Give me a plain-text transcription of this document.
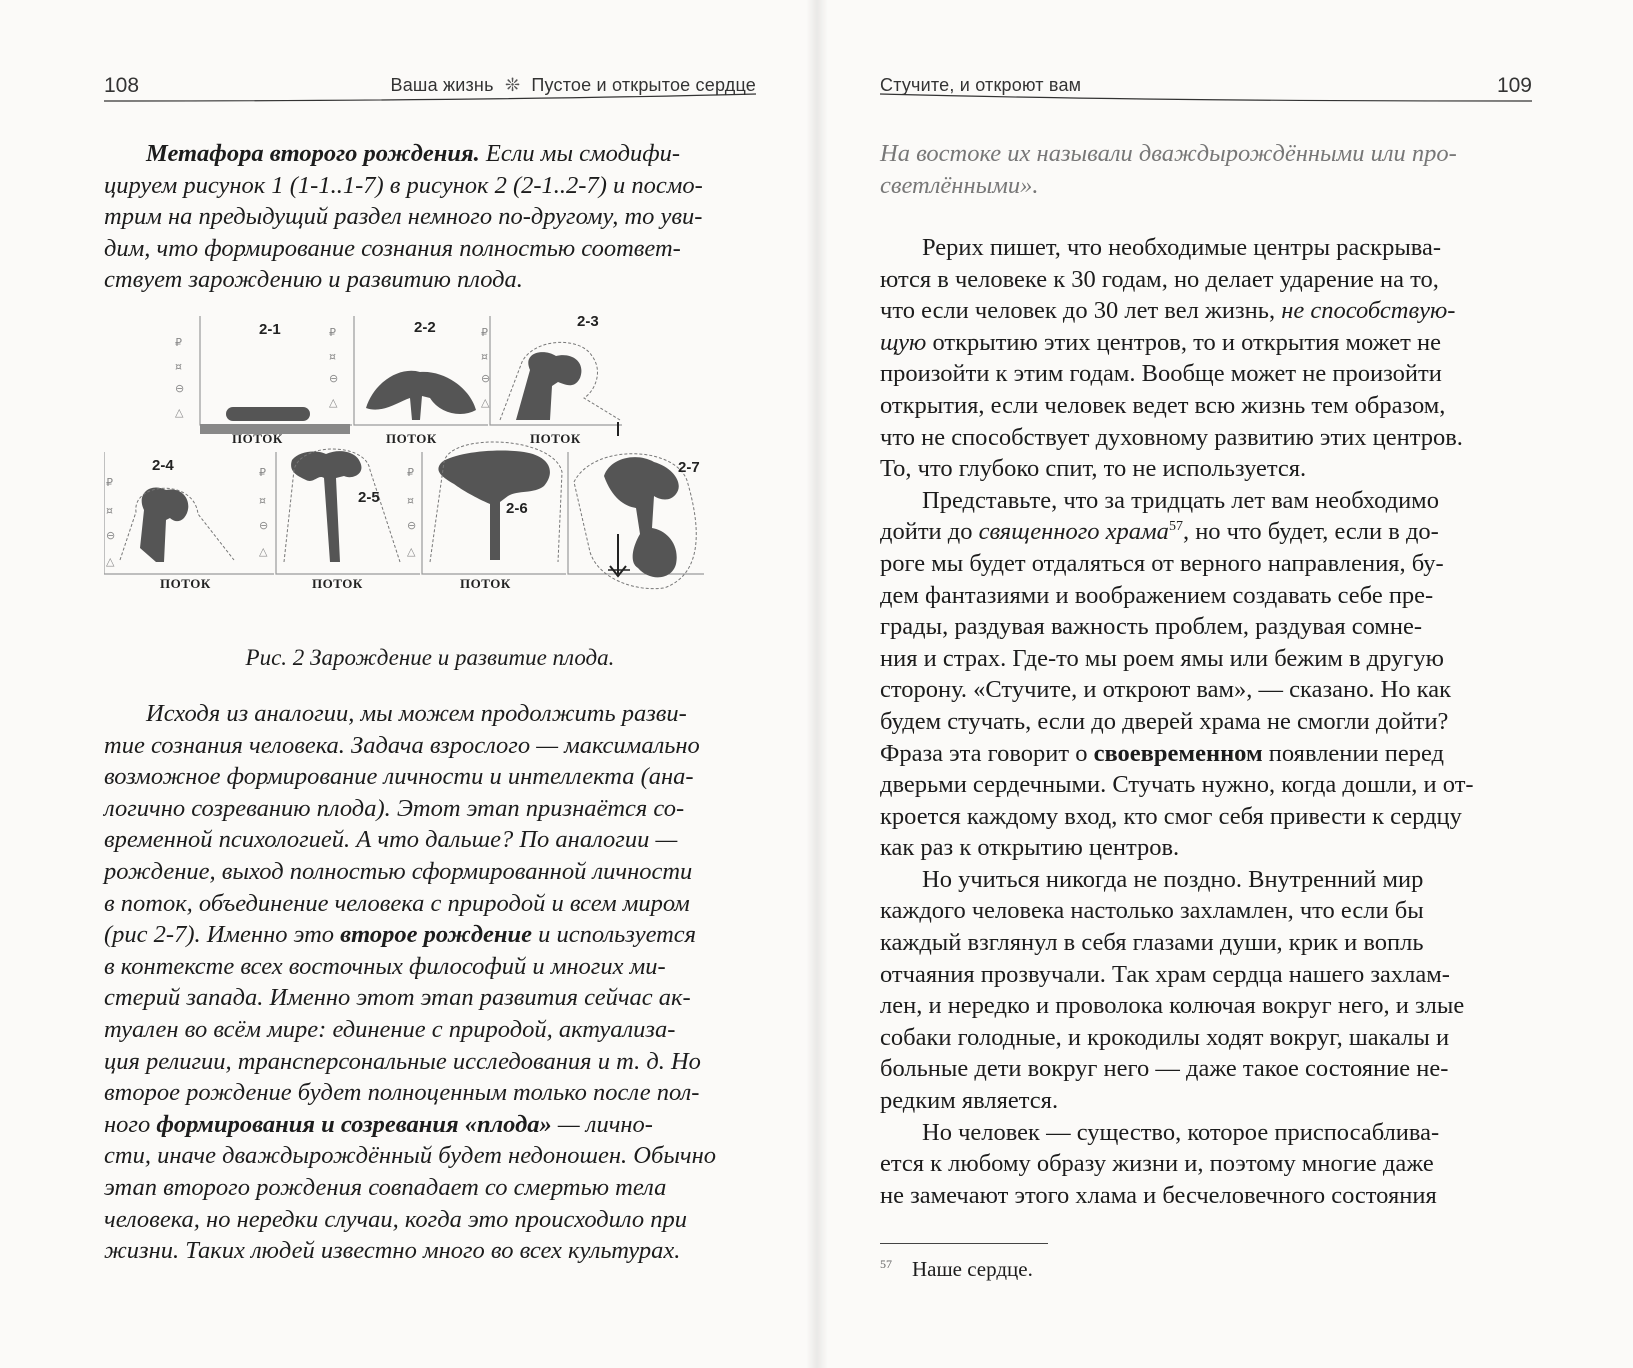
108	Ваша жизнь ❊ Пустое и открытое сердце

Метафора второго рождения. Если мы смодифи-

цируем рисунок 1 (1-1..1-7) в рисунок 2 (2-1..2-7) и посмо-

трим на предыдущий раздел немного по-другому, то уви-

дим, что формирование сознания полностью соответ-

ствует зарождению и развитию плода.

₽
¤
⊖
△
₽
¤
⊖
△
₽
¤
⊖
△
₽
¤
⊖
△
₽
¤
⊖
△
₽
¤
⊖
△
2-1	2-2	2-3
2-4
2-5
2-6
2-7
ПОТОК	ПОТОК	ПОТОК
ПОТОК	ПОТОК	ПОТОК
Рис. 2 Зарождение и развитие плода.

Исходя из аналогии, мы можем продолжить разви-

тие сознания человека. Задача взрослого — максимально

возможное формирование личности и интеллекта (ана-

логично созреванию плода). Этот этап признаётся со-

временной психологией. А что дальше? По аналогии —

рождение, выход полностью сформированной личности

в поток, объединение человека с природой и всем миром

(рис 2-7). Именно это второе рождение и используется

в контексте всех восточных философий и многих ми-

стерий запада. Именно этот этап развития сейчас ак-

туален во всём мире: единение с природой, актуализа-

ция религии, трансперсональные исследования и т. д. Но

второе рождение будет полноценным только после пол-

ного формирования и созревания «плода» — лично-

сти, иначе дваждырождённый будет недоношен. Обычно

этап второго рождения совпадает со смертью тела

человека, но нередки случаи, когда это происходило при

жизни. Таких людей известно много во всех культурах.

Стучите, и откроют вам	109

На востоке их называли дваждырождёнными или про-

светлёнными».

Рерих пишет, что необходимые центры раскрыва-

ются в человеке к 30 годам, но делает ударение на то,

что если человек до 30 лет вел жизнь, не способствую-

щую открытию этих центров, то и открытия может не

произойти к этим годам. Вообще может не произойти

открытия, если человек ведет всю жизнь тем образом,

что не способствует духовному развитию этих центров.

То, что глубоко спит, то не используется.

Представьте, что за тридцать лет вам необходимо

дойти до священного храма$^{57}$, но что будет, если в до-

роге мы будет отдаляться от верного направления, бу-

дем фантазиями и воображением создавать себе пре-

грады, раздувая важность проблем, раздувая сомне-

ния и страх. Где-то мы роем ямы или бежим в другую

сторону. «Стучите, и откроют вам», — сказано. Но как

будем стучать, если до дверей храма не смогли дойти?

Фраза эта говорит о своевременном появлении перед

дверьми сердечными. Стучать нужно, когда дошли, и от-

кроется каждому вход, кто смог себя привести к сердцу

как раз к открытию центров.

Но учиться никогда не поздно. Внутренний мир

каждого человека настолько захламлен, что если бы

каждый взглянул в себя глазами души, крик и вопль

отчаяния прозвучали. Так храм сердца нашего захлам-

лен, и нередко и проволока колючая вокруг него, и злые

собаки голодные, и крокодилы ходят вокруг, шакалы и

больные дети вокруг него — даже такое состояние не-

редким является.

Но человек — существо, которое приспосаблива-

ется к любому образу жизни и, поэтому многие даже

не замечают этого хлама и бесчеловечного состояния

$^{57}$ Наше сердце.
